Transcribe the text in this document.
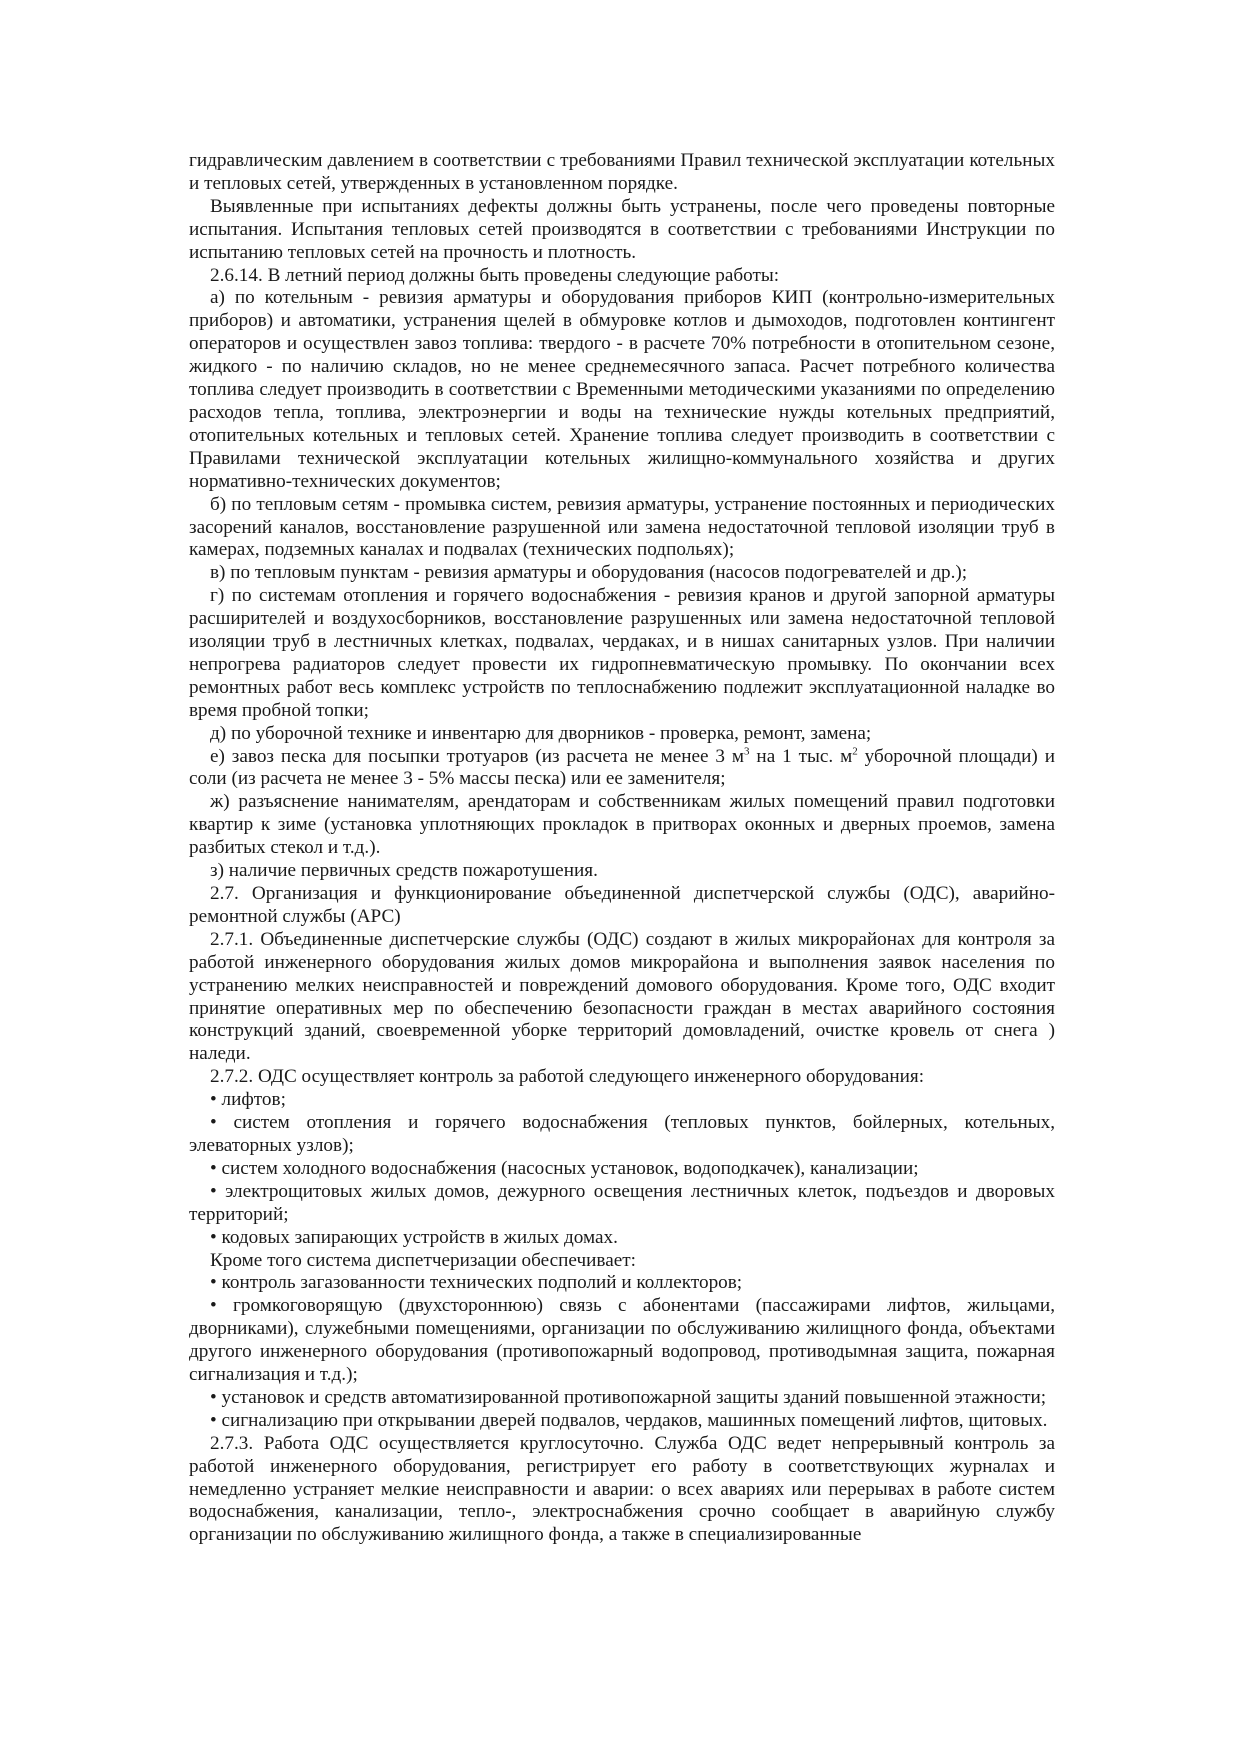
гидравлическим давлением в соответствии с требованиями Правил технической эксплуатации котельных и тепловых сетей, утвержденных в установленном порядке.

Выявленные при испытаниях дефекты должны быть устранены, после чего проведены повторные испытания. Испытания тепловых сетей производятся в соответствии с требованиями Инструкции по испытанию тепловых сетей на прочность и плотность.

2.6.14. В летний период должны быть проведены следующие работы:

а) по котельным - ревизия арматуры и оборудования приборов КИП (контрольно-измерительных приборов) и автоматики, устранения щелей в обмуровке котлов и дымоходов, подготовлен контингент операторов и осуществлен завоз топлива: твердого - в расчете 70% потребности в отопительном сезоне, жидкого - по наличию складов, но не менее среднемесячного запаса. Расчет потребного количества топлива следует производить в соответствии с Временными методическими указаниями по определению расходов тепла, топлива, электроэнергии и воды на технические нужды котельных предприятий, отопительных котельных и тепловых сетей. Хранение топлива следует производить в соответствии с Правилами технической эксплуатации котельных жилищно-коммунального хозяйства и других нормативно-технических документов;

б) по тепловым сетям - промывка систем, ревизия арматуры, устранение постоянных и периодических засорений каналов, восстановление разрушенной или замена недостаточной тепловой изоляции труб в камерах, подземных каналах и подвалах (технических подпольях);

в) по тепловым пунктам - ревизия арматуры и оборудования (насосов подогревателей и др.);

г) по системам отопления и горячего водоснабжения - ревизия кранов и другой запорной арматуры расширителей и воздухосборников, восстановление разрушенных или замена недостаточной тепловой изоляции труб в лестничных клетках, подвалах, чердаках, и в нишах санитарных узлов. При наличии непрогрева радиаторов следует провести их гидропневматическую промывку. По окончании всех ремонтных работ весь комплекс устройств по теплоснабжению подлежит эксплуатационной наладке во время пробной топки;

д) по уборочной технике и инвентарю для дворников - проверка, ремонт, замена;

е) завоз песка для посыпки тротуаров (из расчета не менее 3 $м^3$ на 1 тыс. $м^2$ уборочной площади) и соли (из расчета не менее 3 - 5% массы песка) или ее заменителя;

ж) разъяснение нанимателям, арендаторам и собственникам жилых помещений правил подготовки квартир к зиме (установка уплотняющих прокладок в притворах оконных и дверных проемов, замена разбитых стекол и т.д.).

з) наличие первичных средств пожаротушения.

2.7. Организация и функционирование объединенной диспетчерской службы (ОДС), аварийно-ремонтной службы (АРС)

2.7.1. Объединенные диспетчерские службы (ОДС) создают в жилых микрорайонах для контроля за работой инженерного оборудования жилых домов микрорайона и выполнения заявок населения по устранению мелких неисправностей и повреждений домового оборудования. Кроме того, ОДС входит принятие оперативных мер по обеспечению безопасности граждан в местах аварийного состояния конструкций зданий, своевременной уборке территорий домовладений, очистке кровель от снега ) наледи.

2.7.2. ОДС осуществляет контроль за работой следующего инженерного оборудования:

• лифтов;

• систем отопления и горячего водоснабжения (тепловых пунктов, бойлерных, котельных, элеваторных узлов);

• систем холодного водоснабжения (насосных установок, водоподкачек), канализации;

• электрощитовых жилых домов, дежурного освещения лестничных клеток, подъездов и дворовых территорий;

• кодовых запирающих устройств в жилых домах.

Кроме того система диспетчеризации обеспечивает:

• контроль загазованности технических подполий и коллекторов;

• громкоговорящую (двухстороннюю) связь с абонентами (пассажирами лифтов, жильцами, дворниками), служебными помещениями, организации по обслуживанию жилищного фонда, объектами другого инженерного оборудования (противопожарный водопровод, противодымная защита, пожарная сигнализация и т.д.);

• установок и средств автоматизированной противопожарной защиты зданий повышенной этажности;

• сигнализацию при открывании дверей подвалов, чердаков, машинных помещений лифтов, щитовых.

2.7.3. Работа ОДС осуществляется круглосуточно. Служба ОДС ведет непрерывный контроль за работой инженерного оборудования, регистрирует его работу в соответствующих журналах и немедленно устраняет мелкие неисправности и аварии: о всех авариях или перерывах в работе систем водоснабжения, канализации, тепло-, электроснабжения срочно сообщает в аварийную службу организации по обслуживанию жилищного фонда, а также в специализированные
